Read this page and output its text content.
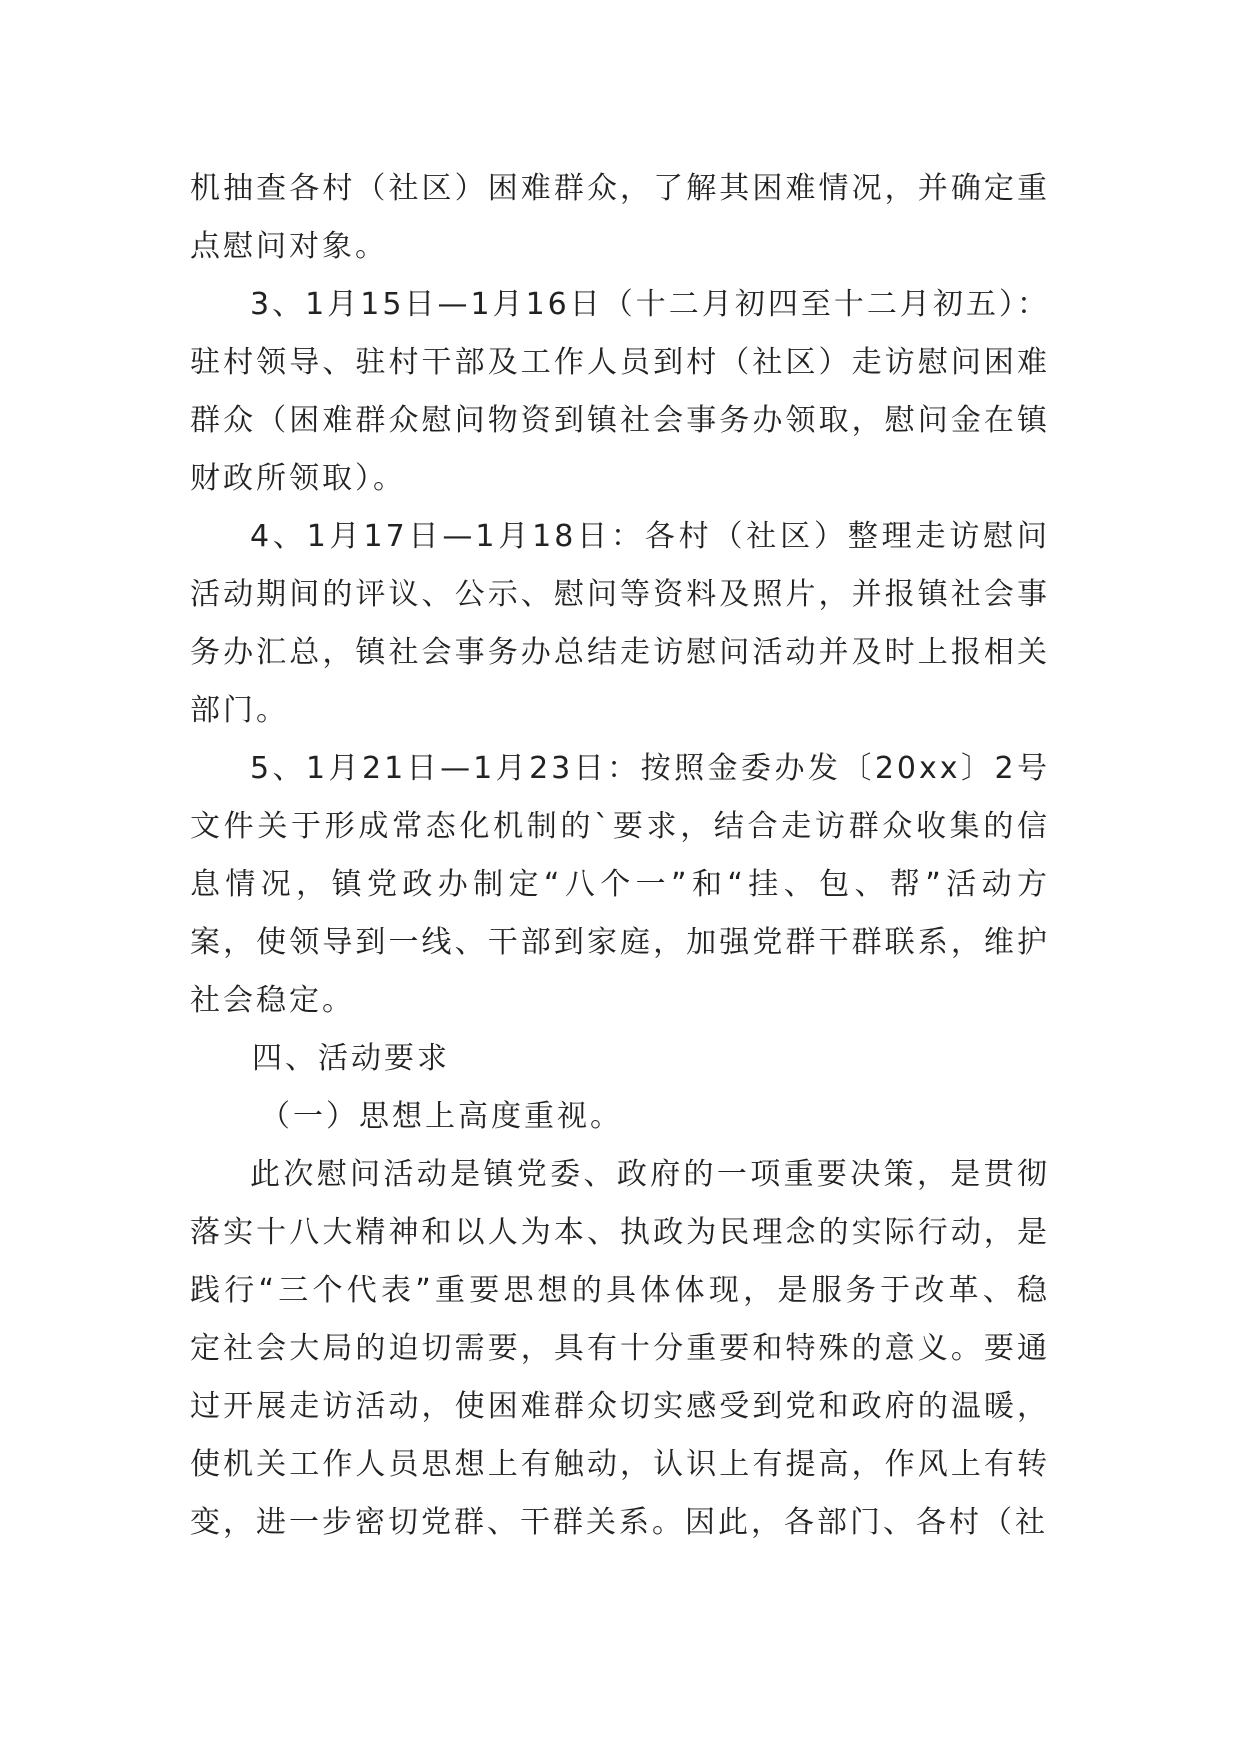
机抽查各村（社区）困难群众，了解其困难情况，并确定重点慰问对象。

3、1月15日—1月16日（十二月初四至十二月初五）：驻村领导、驻村干部及工作人员到村（社区）走访慰问困难群众（困难群众慰问物资到镇社会事务办领取，慰问金在镇财政所领取）。

4、1月17日—1月18日：各村（社区）整理走访慰问活动期间的评议、公示、慰问等资料及照片，并报镇社会事务办汇总，镇社会事务办总结走访慰问活动并及时上报相关部门。

5、1月21日—1月23日：按照金委办发〔20xx〕2号文件关于形成常态化机制的`要求，结合走访群众收集的信息情况，镇党政办制定“八个一”和“挂、包、帮”活动方案，使领导到一线、干部到家庭，加强党群干群联系，维护社会稳定。

四、活动要求

（一）思想上高度重视。

此次慰问活动是镇党委、政府的一项重要决策，是贯彻落实十八大精神和以人为本、执政为民理念的实际行动，是践行“三个代表”重要思想的具体体现，是服务于改革、稳定社会大局的迫切需要，具有十分重要和特殊的意义。要通过开展走访活动，使困难群众切实感受到党和政府的温暖，使机关工作人员思想上有触动，认识上有提高，作风上有转变，进一步密切党群、干群关系。因此，各部门、各村（社
